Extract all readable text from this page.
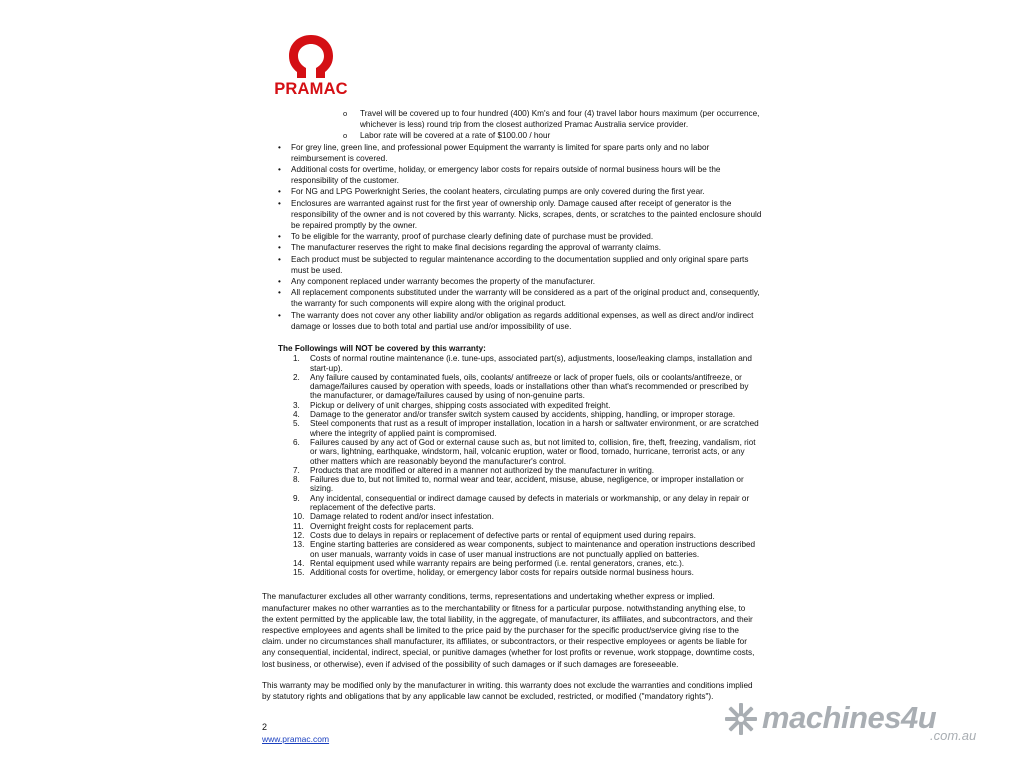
PRAMAC
o Travel will be covered up to four hundred (400) Km's and four (4) travel labor hours maximum (per occurrence, whichever is less) round trip from the closest authorized Pramac Australia service provider.
o Labor rate will be covered at a rate of $100.00 / hour
• For grey line, green line, and professional power Equipment the warranty is limited for spare parts only and no labor reimbursement is covered.
• Additional costs for overtime, holiday, or emergency labor costs for repairs outside of normal business hours will be the responsibility of the customer.
• For NG and LPG Powerknight Series, the coolant heaters, circulating pumps are only covered during the first year.
• Enclosures are warranted against rust for the first year of ownership only. Damage caused after receipt of generator is the responsibility of the owner and is not covered by this warranty. Nicks, scrapes, dents, or scratches to the painted enclosure should be repaired promptly by the owner.
• To be eligible for the warranty, proof of purchase clearly defining date of purchase must be provided.
• The manufacturer reserves the right to make final decisions regarding the approval of warranty claims.
• Each product must be subjected to regular maintenance according to the documentation supplied and only original spare parts must be used.
• Any component replaced under warranty becomes the property of the manufacturer.
• All replacement components substituted under the warranty will be considered as a part of the original product and, consequently, the warranty for such components will expire along with the original product.
• The warranty does not cover any other liability and/or obligation as regards additional expenses, as well as direct and/or indirect damage or losses due to both total and partial use and/or impossibility of use.
The Followings will NOT be covered by this warranty:
1. Costs of normal routine maintenance (i.e. tune-ups, associated part(s), adjustments, loose/leaking clamps, installation and start-up).
2. Any failure caused by contaminated fuels, oils, coolants/ antifreeze or lack of proper fuels, oils or coolants/antifreeze, or damage/failures caused by operation with speeds, loads or installations other than what's recommended or prescribed by the manufacturer, or damage/failures caused by using of non-genuine parts.
3. Pickup or delivery of unit charges, shipping costs associated with expedited freight.
4. Damage to the generator and/or transfer switch system caused by accidents, shipping, handling, or improper storage.
5. Steel components that rust as a result of improper installation, location in a harsh or saltwater environment, or are scratched where the integrity of applied paint is compromised.
6. Failures caused by any act of God or external cause such as, but not limited to, collision, fire, theft, freezing, vandalism, riot or wars, lightning, earthquake, windstorm, hail, volcanic eruption, water or flood, tornado, hurricane, terrorist acts, or any other matters which are reasonably beyond the manufacturer's control.
7. Products that are modified or altered in a manner not authorized by the manufacturer in writing.
8. Failures due to, but not limited to, normal wear and tear, accident, misuse, abuse, negligence, or improper installation or sizing.
9. Any incidental, consequential or indirect damage caused by defects in materials or workmanship, or any delay in repair or replacement of the defective parts.
10. Damage related to rodent and/or insect infestation.
11. Overnight freight costs for replacement parts.
12. Costs due to delays in repairs or replacement of defective parts or rental of equipment used during repairs.
13. Engine starting batteries are considered as wear components, subject to maintenance and operation instructions described on user manuals, warranty voids in case of user manual instructions are not punctually applied on batteries.
14. Rental equipment used while warranty repairs are being performed (i.e. rental generators, cranes, etc.).
15. Additional costs for overtime, holiday, or emergency labor costs for repairs outside normal business hours.

The manufacturer excludes all other warranty conditions, terms, representations and undertaking whether express or implied. manufacturer makes no other warranties as to the merchantability or fitness for a particular purpose. notwithstanding anything else, to the extent permitted by the applicable law, the total liability, in the aggregate, of manufacturer, its affiliates, and subcontractors, and their respective employees and agents shall be limited to the price paid by the purchaser for the specific product/service giving rise to the claim. under no circumstances shall manufacturer, its affiliates, or subcontractors, or their respective employees or agents be liable for any consequential, incidental, indirect, special, or punitive damages (whether for lost profits or revenue, work stoppage, downtime costs, lost business, or otherwise), even if advised of the possibility of such damages or if such damages are foreseeable.

This warranty may be modified only by the manufacturer in writing. this warranty does not exclude the warranties and conditions implied by statutory rights and obligations that by any applicable law cannot be excluded, restricted, or modified ("mandatory rights").

2
www.pramac.com
machines4u
.com.au
